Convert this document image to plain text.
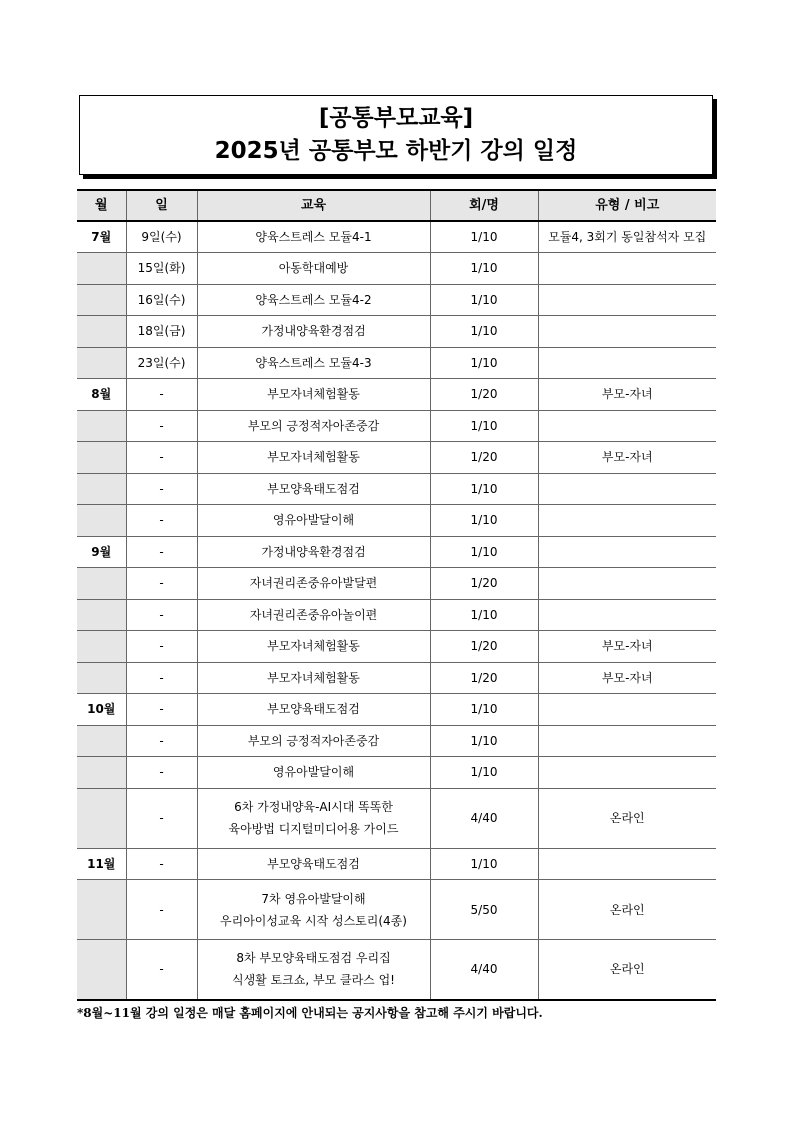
[공통부모교육]
2025년 공통부모 하반기 강의 일정
월	일	교육	회/명	유형 / 비고
7월	9일(수)	양육스트레스 모듈4-1	1/10	모듈4, 3회기 동일참석자 모집
	15일(화)	아동학대예방	1/10	
	16일(수)	양육스트레스 모듈4-2	1/10	
	18일(금)	가정내양육환경점검	1/10	
	23일(수)	양육스트레스 모듈4-3	1/10	
8월	-	부모자녀체험활동	1/20	부모-자녀
	-	부모의 긍정적자아존중감	1/10	
	-	부모자녀체험활동	1/20	부모-자녀
	-	부모양육태도점검	1/10	
	-	영유아발달이해	1/10	
9월	-	가정내양육환경점검	1/10	
	-	자녀권리존중유아발달편	1/20	
	-	자녀권리존중유아놀이편	1/10	
	-	부모자녀체험활동	1/20	부모-자녀
	-	부모자녀체험활동	1/20	부모-자녀
10월	-	부모양육태도점검	1/10	
	-	부모의 긍정적자아존중감	1/10	
	-	영유아발달이해	1/10	
	-	6차 가정내양육-AI시대 똑똑한
육아방법 디지털미디어용 가이드	4/40	온라인
11월	-	부모양육태도점검	1/10	
	-	7차 영유아발달이해
우리아이성교육 시작 성스토리(4종)	5/50	온라인
	-	8차 부모양육태도점검 우리집
식생활 토크쇼, 부모 클라스 업!	4/40	온라인
*8월~11월 강의 일정은 매달 홈페이지에 안내되는 공지사항을 참고해 주시기 바랍니다.
